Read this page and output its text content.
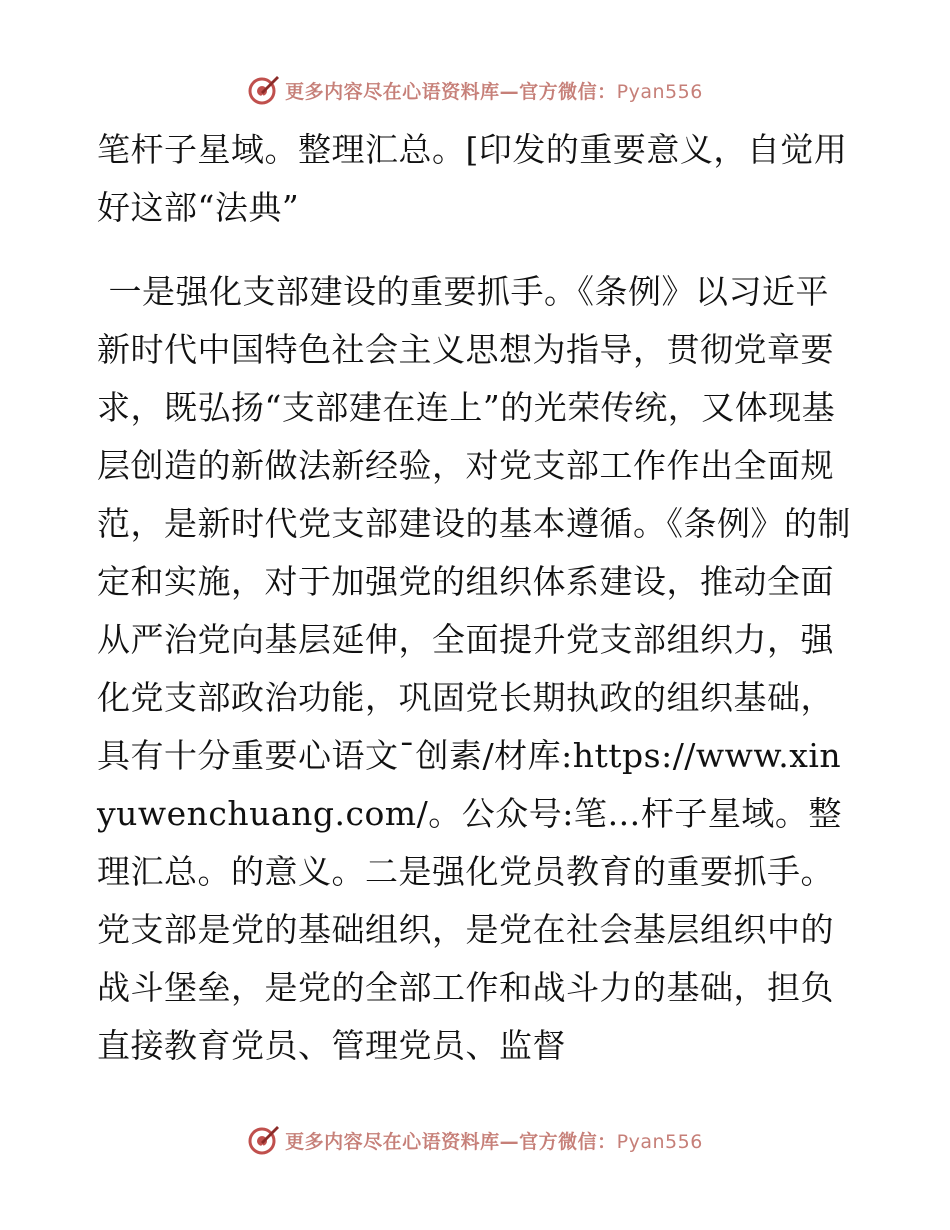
更多内容尽在心语资料库—官方微信：Pyan556

笔杆子星域。整理汇总。[印发的重要意义，自觉用好这部“法典”

一是强化支部建设的重要抓手。《条例》以习近平新时代中国特色社会主义思想为指导，贯彻党章要求，既弘扬“支部建在连上”的光荣传统，又体现基层创造的新做法新经验，对党支部工作作出全面规范，是新时代党支部建设的基本遵循。《条例》的制定和实施，对于加强党的组织体系建设，推动全面从严治党向基层延伸，全面提升党支部组织力，强化党支部政治功能，巩固党长期执政的组织基础，具有十分重要心语文¯创素/材库:https://www.xinyuwenchuang.com/。公众号:笔…杆子星域。整理汇总。的意义。二是强化党员教育的重要抓手。党支部是党的基础组织，是党在社会基层组织中的战斗堡垒，是党的全部工作和战斗力的基础，担负直接教育党员、管理党员、监督

更多内容尽在心语资料库—官方微信：Pyan556
